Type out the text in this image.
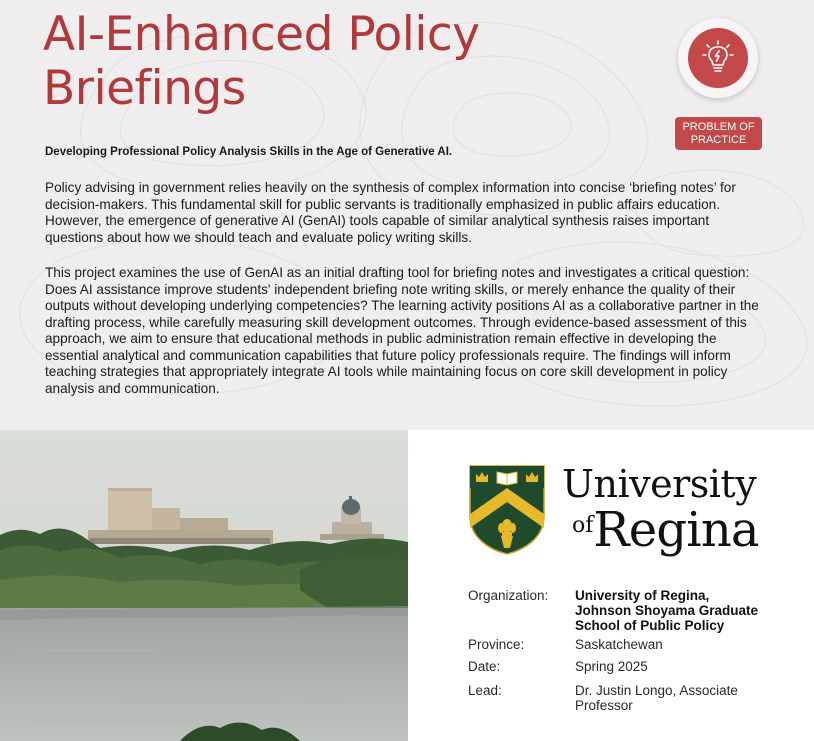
AI-Enhanced Policy
Briefings
PROBLEM OF
PRACTICE

Developing Professional Policy Analysis Skills in the Age of Generative AI.

Policy advising in government relies heavily on the synthesis of complex information into concise ‘briefing notes’ for decision-makers. This fundamental skill for public servants is traditionally emphasized in public affairs education. However, the emergence of generative AI (GenAI) tools capable of similar analytical synthesis raises important questions about how we should teach and evaluate policy writing skills.

This project examines the use of GenAI as an initial drafting tool for briefing notes and investigates a critical question: Does AI assistance improve students' independent briefing note writing skills, or merely enhance the quality of their outputs without developing underlying competencies? The learning activity positions AI as a collaborative partner in the drafting process, while carefully measuring skill development outcomes. Through evidence-based assessment of this approach, we aim to ensure that educational methods in public administration remain effective in developing the essential analytical and communication capabilities that future policy professionals require. The findings will inform teaching strategies that appropriately integrate AI tools while maintaining focus on core skill development in policy analysis and communication.

University
ofRegina
Organization: University of Regina,
Johnson Shoyama Graduate
School of Public Policy
Province:	Saskatchewan
Date:	Spring 2025
Lead:	Dr. Justin Longo, Associate
Professor
